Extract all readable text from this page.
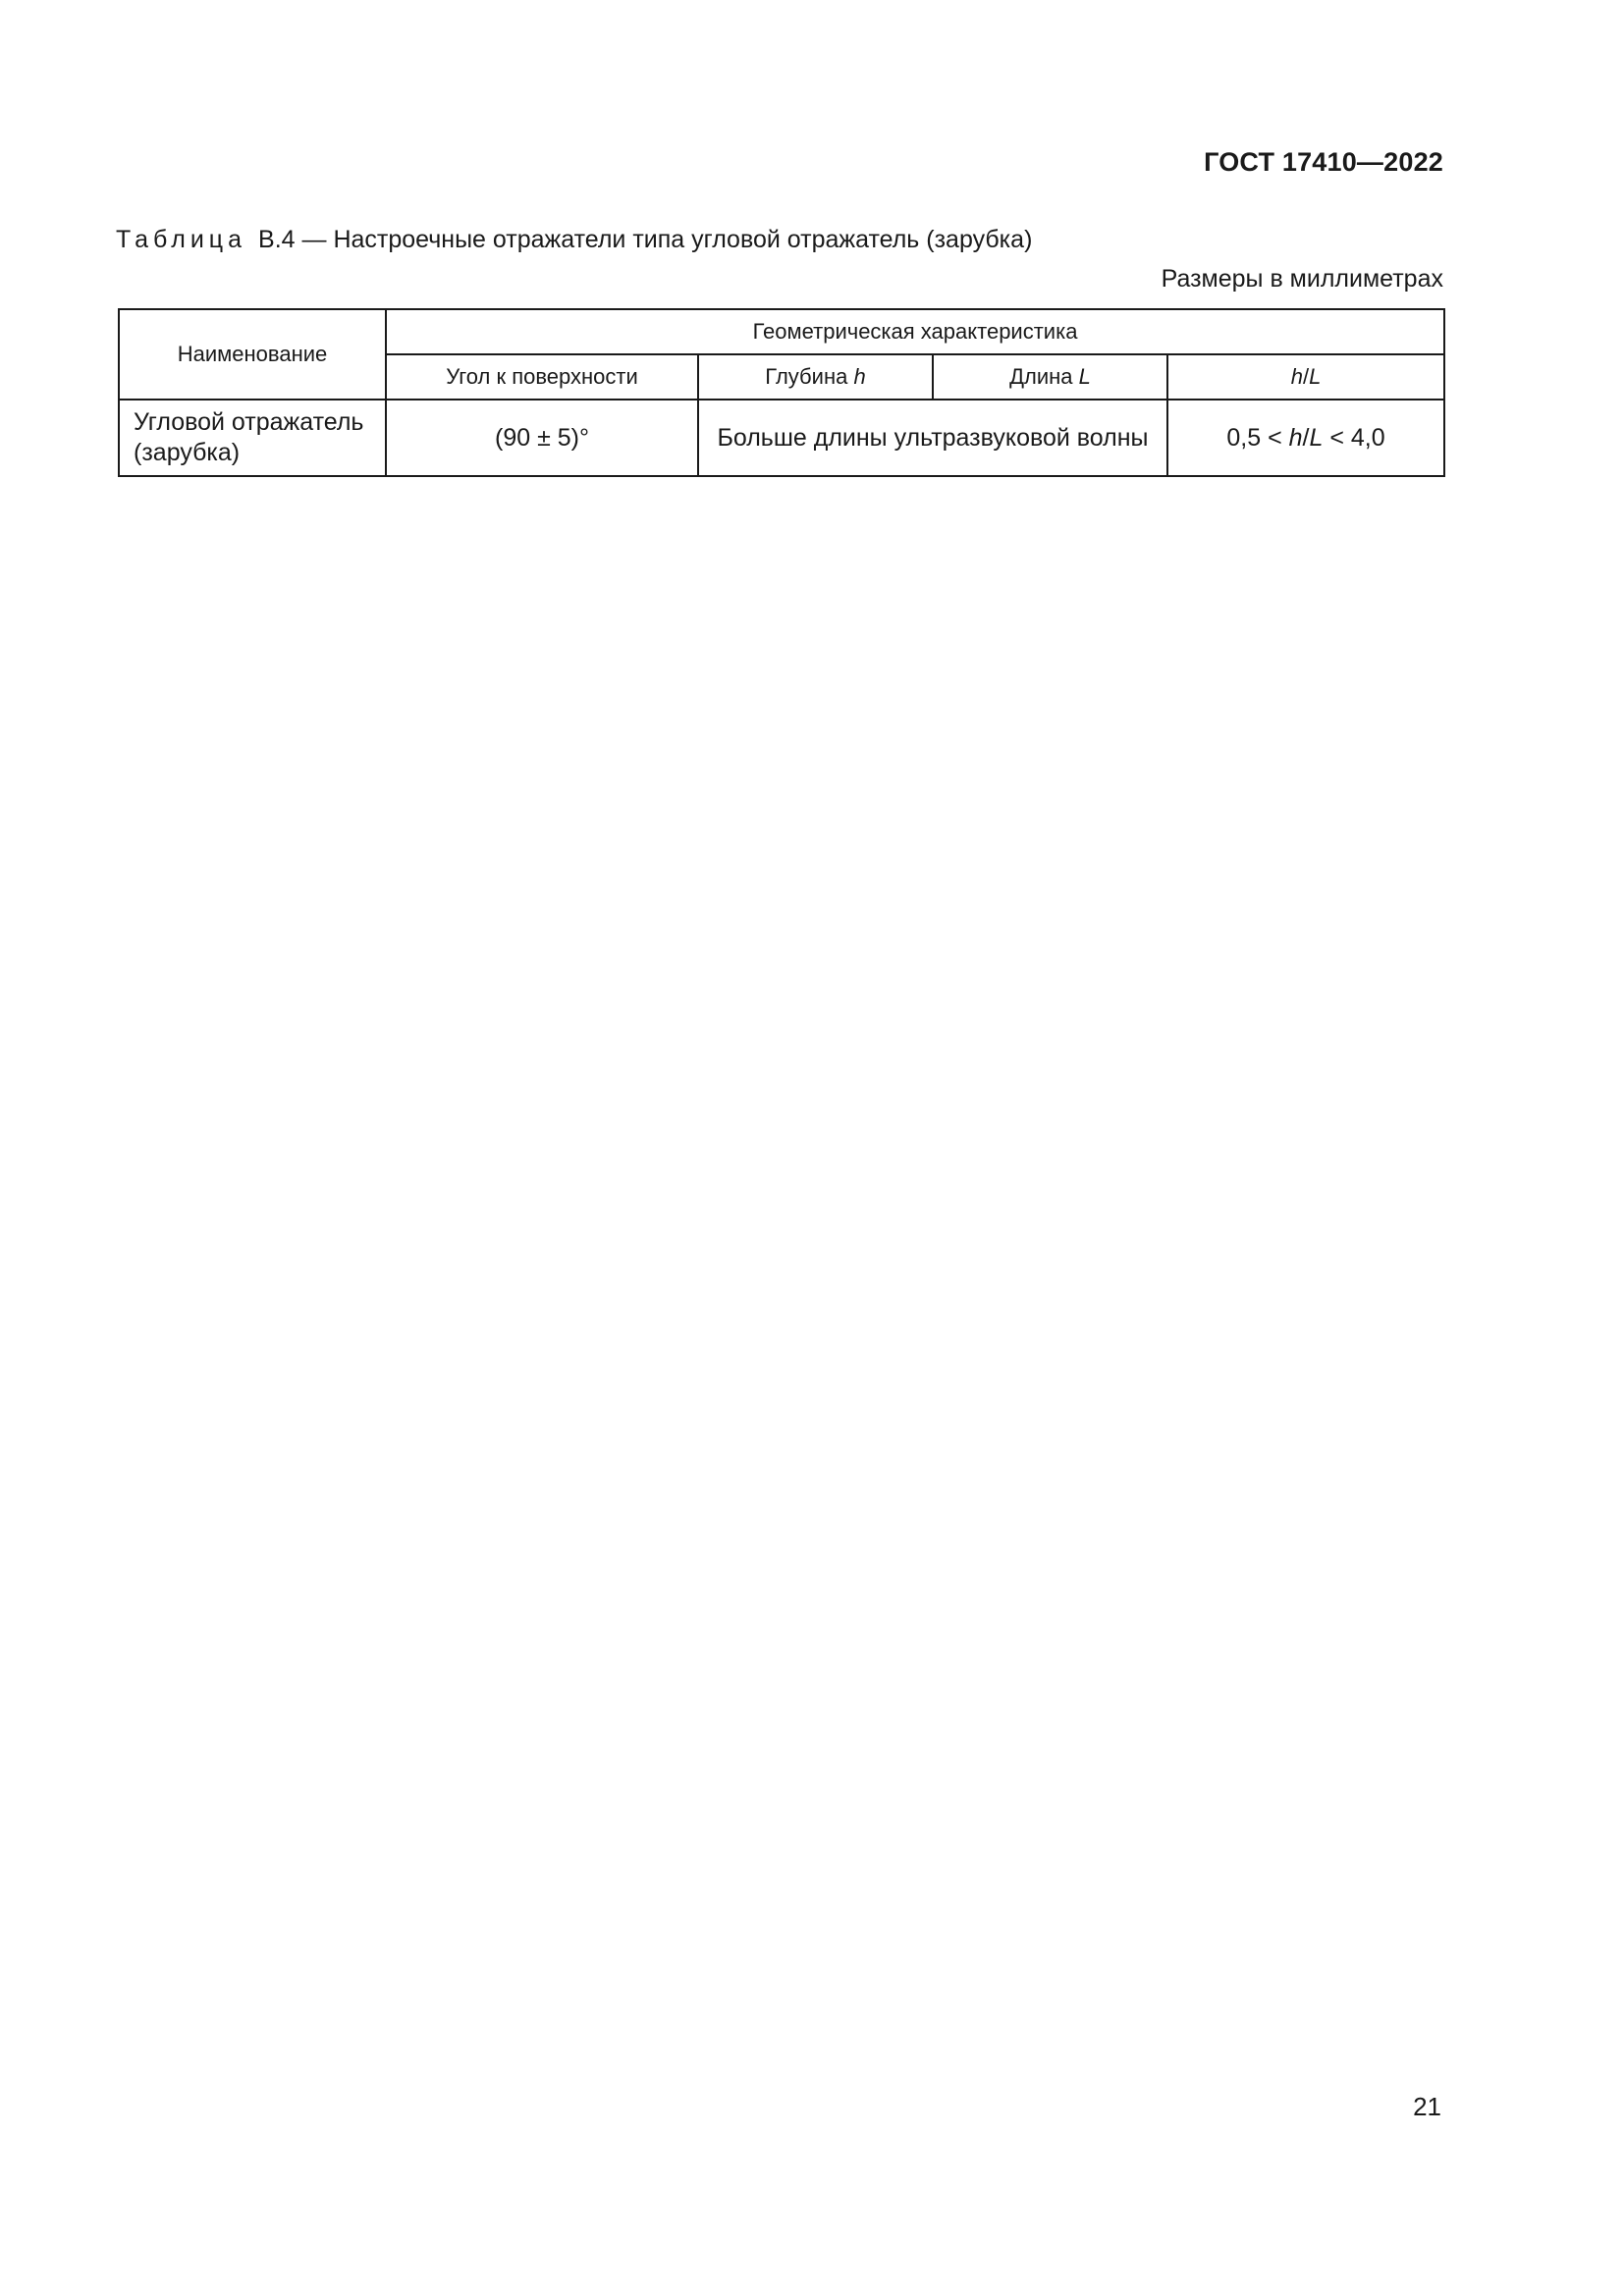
ГОСТ 17410—2022
Таблица В.4 — Настроечные отражатели типа угловой отражатель (зарубка)
Размеры в миллиметрах
Наименование	Геометрическая характеристика			
	Угол к поверхности	Глубина h	Длина L	h/L
Угловой отражатель
(зарубка)	(90 ± 5)°	Больше длины ультразвуковой волны		0,5 < h/L < 4,0
21
